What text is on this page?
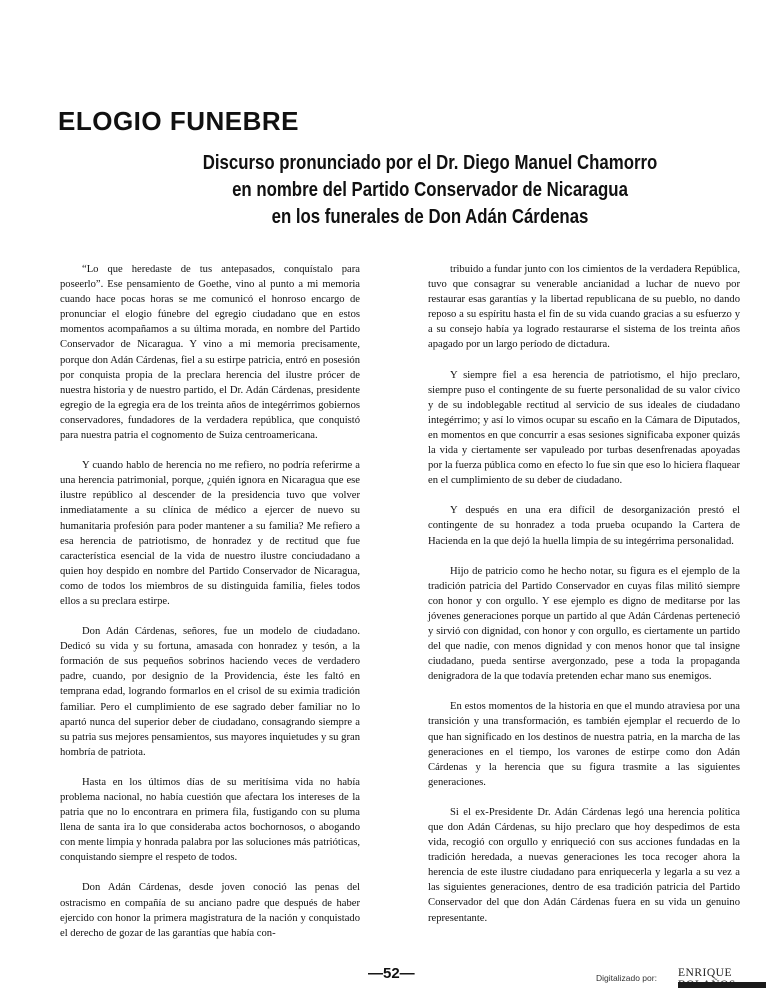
ELOGIO FUNEBRE
Discurso pronunciado por el Dr. Diego Manuel Chamorro
en nombre del Partido Conservador de Nicaragua
en los funerales de Don Adán Cárdenas

“Lo que heredaste de tus antepasados, conquístalo para poseerlo”. Ese pensamiento de Goethe, vino al punto a mi memoria cuando hace pocas horas se me comunicó el honroso encargo de pronunciar el elogio fúnebre del egregio ciudadano que en estos momentos acompañamos a su última morada, en nombre del Partido Conservador de Nicaragua. Y vino a mi memoria precisamente, porque don Adán Cárdenas, fiel a su estirpe patricia, entró en posesión por conquista propia de la preclara herencia del ilustre prócer de nuestra historia y de nuestro partido, el Dr. Adán Cárdenas, presidente egregio de la egregia era de los treinta años de integérrimos gobiernos conservadores, fundadores de la verdadera república, que conquistó para nuestra patria el cognomento de Suiza centroamericana.

Y cuando hablo de herencia no me refiero, no podría referirme a una herencia patrimonial, porque, ¿quién ignora en Nicaragua que ese ilustre repúblico al descender de la presidencia tuvo que volver inmediatamente a su clínica de médico a ejercer de nuevo su humanitaria profesión para poder mantener a su familia? Me refiero a esa herencia de patriotismo, de honradez y de rectitud que fue característica esencial de la vida de nuestro ilustre conciudadano a quien hoy despido en nombre del Partido Conservador de Nicaragua, como de todos los miembros de su distinguida familia, fieles todos ellos a su preclara estirpe.

Don Adán Cárdenas, señores, fue un modelo de ciudadano. Dedicó su vida y su fortuna, amasada con honradez y tesón, a la formación de sus pequeños sobrinos haciendo veces de verdadero padre, cuando, por designio de la Providencia, éste les faltó en temprana edad, logrando formarlos en el crisol de su eximia tradición familiar. Pero el cumplimiento de ese sagrado deber familiar no lo apartó nunca del superior deber de ciudadano, consagrando siempre a su patria sus mejores pensamientos, sus mayores inquietudes y su gran hombría de patriota.

Hasta en los últimos días de su meritísima vida no había problema nacional, no había cuestión que afectara los intereses de la patria que no lo encontrara en primera fila, fustigando con su pluma llena de santa ira lo que consideraba actos bochornosos, o abogando con mente limpia y honrada palabra por las soluciones más patrióticas, conquistando siempre el respeto de todos.

Don Adán Cárdenas, desde joven conoció las penas del ostracismo en compañía de su anciano padre que después de haber ejercido con honor la primera magistratura de la nación y conquistado el derecho de gozar de las garantías que había con-

tribuido a fundar junto con los cimientos de la verdadera República, tuvo que consagrar su venerable ancianidad a luchar de nuevo por restaurar esas garantías y la libertad republicana de su pueblo, no dando reposo a su espíritu hasta el fin de su vida cuando gracias a su esfuerzo y a su consejo había ya logrado restaurarse el sistema de los treinta años apagado por un largo período de dictadura.

Y siempre fiel a esa herencia de patriotismo, el hijo preclaro, siempre puso el contingente de su fuerte personalidad de su valor cívico y de su indoblegable rectitud al servicio de sus ideales de ciudadano integérrimo; y así lo vimos ocupar su escaño en la Cámara de Diputados, en momentos en que concurrir a esas sesiones significaba exponer quizás la vida y ciertamente ser vapuleado por turbas desenfrenadas apoyadas por la fuerza pública como en efecto lo fue sin que eso lo hiciera flaquear en el cumplimiento de su deber de ciudadano.

Y después en una era difícil de desorganización prestó el contingente de su honradez a toda prueba ocupando la Cartera de Hacienda en la que dejó la huella limpia de su integérrima personalidad.

Hijo de patricio como he hecho notar, su figura es el ejemplo de la tradición patricia del Partido Conservador en cuyas filas militó siempre con honor y con orgullo. Y ese ejemplo es digno de meditarse por las jóvenes generaciones porque un partido al que Adán Cárdenas perteneció y sirvió con dignidad, con honor y con orgullo, es ciertamente un partido del que nadie, con menos dignidad y con menos honor que tal insigne ciudadano, pueda sentirse avergonzado, pese a toda la propaganda denigradora de la que todavía pretenden echar mano sus enemigos.

En estos momentos de la historia en que el mundo atraviesa por una transición y una transformación, es también ejemplar el recuerdo de lo que han significado en los destinos de nuestra patria, en la marcha de las generaciones en el tiempo, los varones de estirpe como don Adán Cárdenas y la herencia que su figura trasmite a las siguientes generaciones.

Si el ex-Presidente Dr. Adán Cárdenas legó una herencia política que don Adán Cárdenas, su hijo preclaro que hoy despedimos de esta vida, recogió con orgullo y enriqueció con sus acciones fundadas en la tradición heredada, a nuevas generaciones les toca recoger ahora la herencia de este ilustre ciudadano para enriquecerla y legarla a su vez a las siguientes generaciones, dentro de esa tradición patricia del Partido Conservador del que don Adán Cárdenas fuera en su vida un genuino representante.

—52—	Digitalizado por: ENRIQUE
